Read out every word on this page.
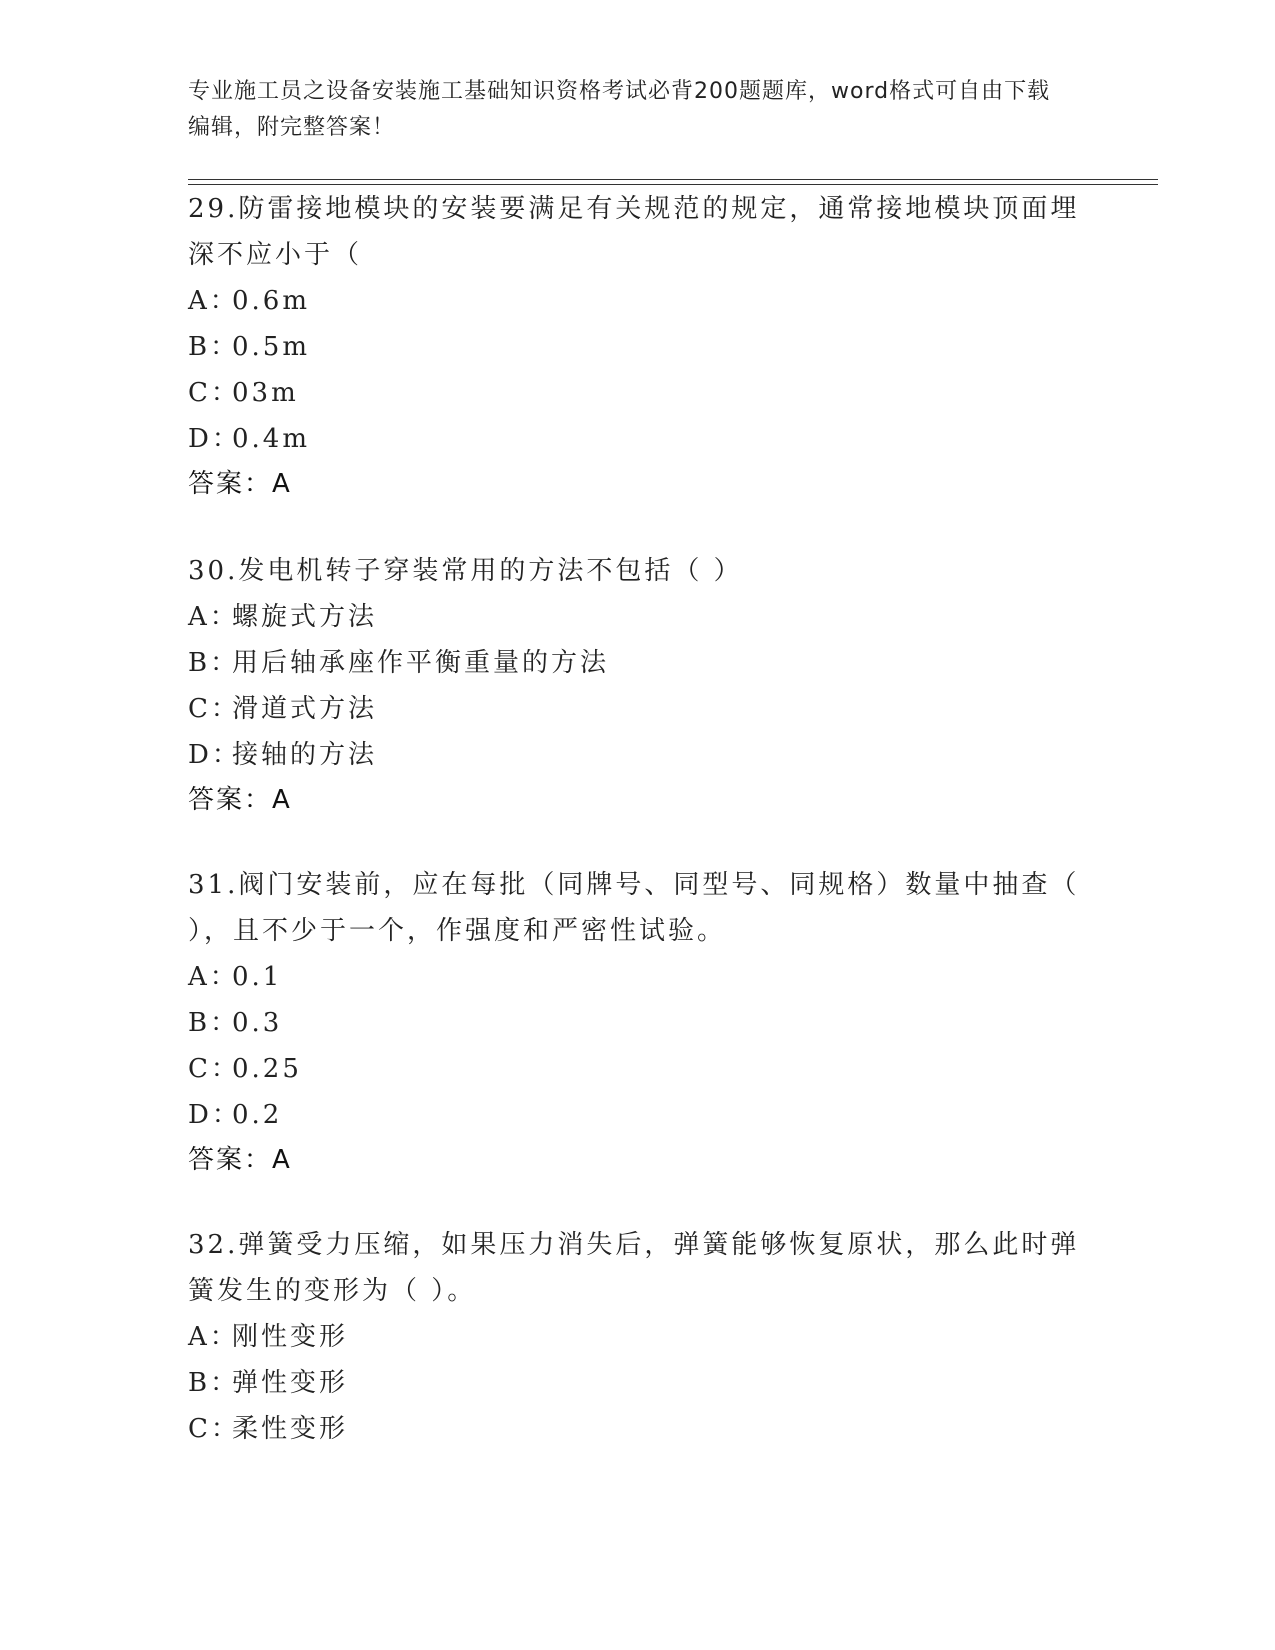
专业施工员之设备安装施工基础知识资格考试必背200题题库，word格式可自由下载编辑，附完整答案！

29.防雷接地模块的安装要满足有关规范的规定，通常接地模块顶面埋深不应小于（

A：0.6m
B：0.5m
C：03m
D：0.4m
答案：A

30.发电机转子穿装常用的方法不包括（ ）

A：螺旋式方法
B：用后轴承座作平衡重量的方法
C：滑道式方法
D：接轴的方法
答案：A

31.阀门安装前，应在每批（同牌号、同型号、同规格）数量中抽查（ ），且不少于一个，作强度和严密性试验。

A：0.1
B：0.3
C：0.25
D：0.2
答案：A

32.弹簧受力压缩，如果压力消失后，弹簧能够恢复原状，那么此时弹簧发生的变形为（ ）。

A：刚性变形
B：弹性变形
C：柔性变形
